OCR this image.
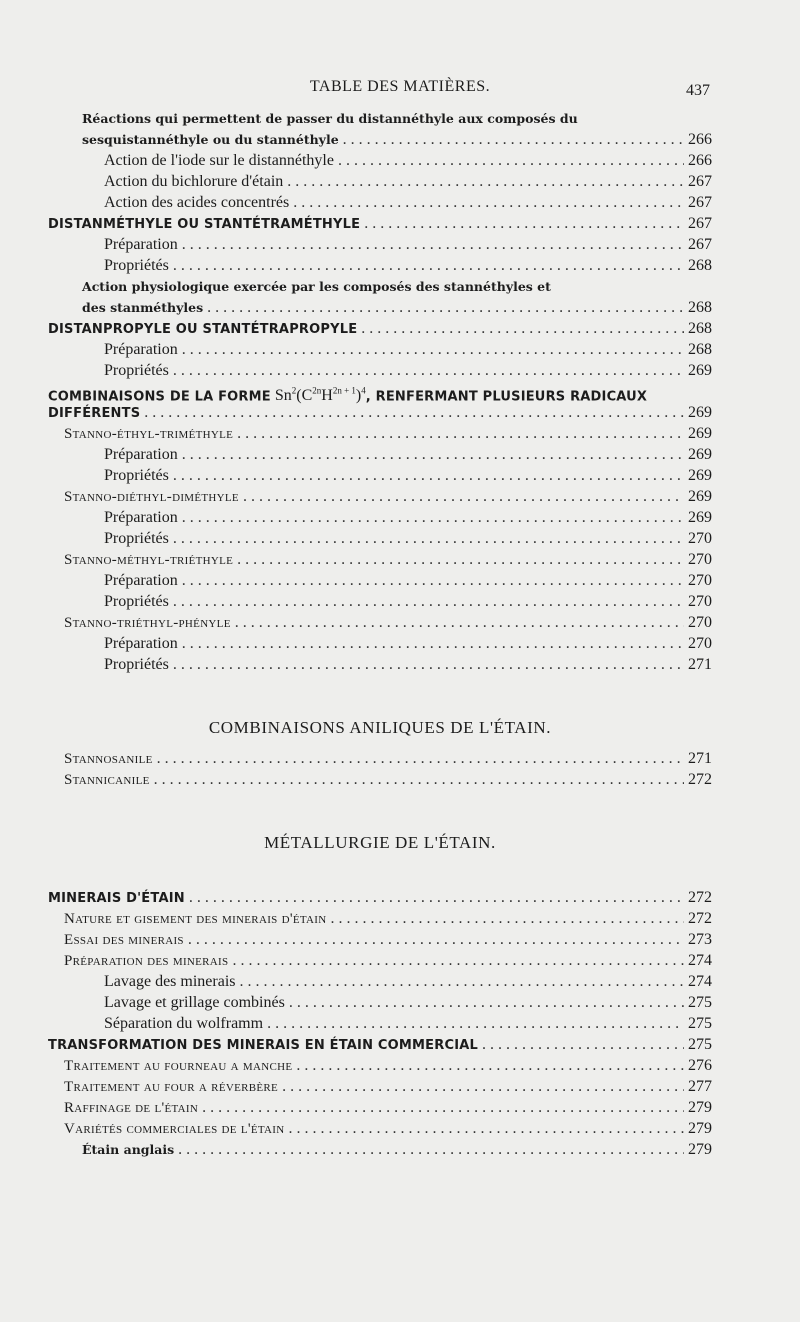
TABLE DES MATIÈRES.	437
Réactions qui permettent de passer du distannéthyle aux composés du
sesquistannéthyle ou du stannéthyle . . .	266
Action de l'iode sur le distannéthyle . . .	266
Action du bichlorure d'étain . . .	267
Action des acides concentrés . . .	267
DISTANMÉTHYLE OU STANTÉTRAMÉTHYLE . . .	267
Préparation . . .	267
Propriétés . . .	268
Action physiologique exercée par les composés des stannéthyles et
des stanméthyles . . .	268
DISTANPROPYLE OU STANTÉTRAPROPYLE . . .	268
Préparation . . .	268
Propriétés . . .	269
COMBINAISONS DE LA FORME $Sn^2(C^{2n}H^{2n + 1})^4$, RENFERMANT PLUSIEURS RADICAUX
DIFFÉRENTS . . .	269
Stanno-éthyl-triméthyle . . .	269
Préparation . . .	269
Propriétés . . .	269
Stanno-diéthyl-diméthyle . . .	269
Préparation . . .	269
Propriétés . . .	270
Stanno-méthyl-triéthyle . . .	270
Préparation . . .	270
Propriétés . . .	270
Stanno-triéthyl-phényle . . .	270
Préparation . . .	270
Propriétés . . .	271
COMBINAISONS ANILIQUES DE L'ÉTAIN.
Stannosanile . . .	271
Stannicanile . . .	272
MÉTALLURGIE DE L'ÉTAIN.
MINERAIS D'ÉTAIN . . .	272
Nature et gisement des minerais d'étain . . .	272
Essai des minerais . . .	273
Préparation des minerais . . .	274
Lavage des minerais . . .	274
Lavage et grillage combinés . . .	275
Séparation du wolframm . . .	275
TRANSFORMATION DES MINERAIS EN ÉTAIN COMMERCIAL . . .	275
Traitement au fourneau a manche . . .	276
Traitement au four a réverbère . . .	277
Raffinage de l'étain . . .	279
Variétés commerciales de l'étain . . .	279
Étain anglais . . .	279
